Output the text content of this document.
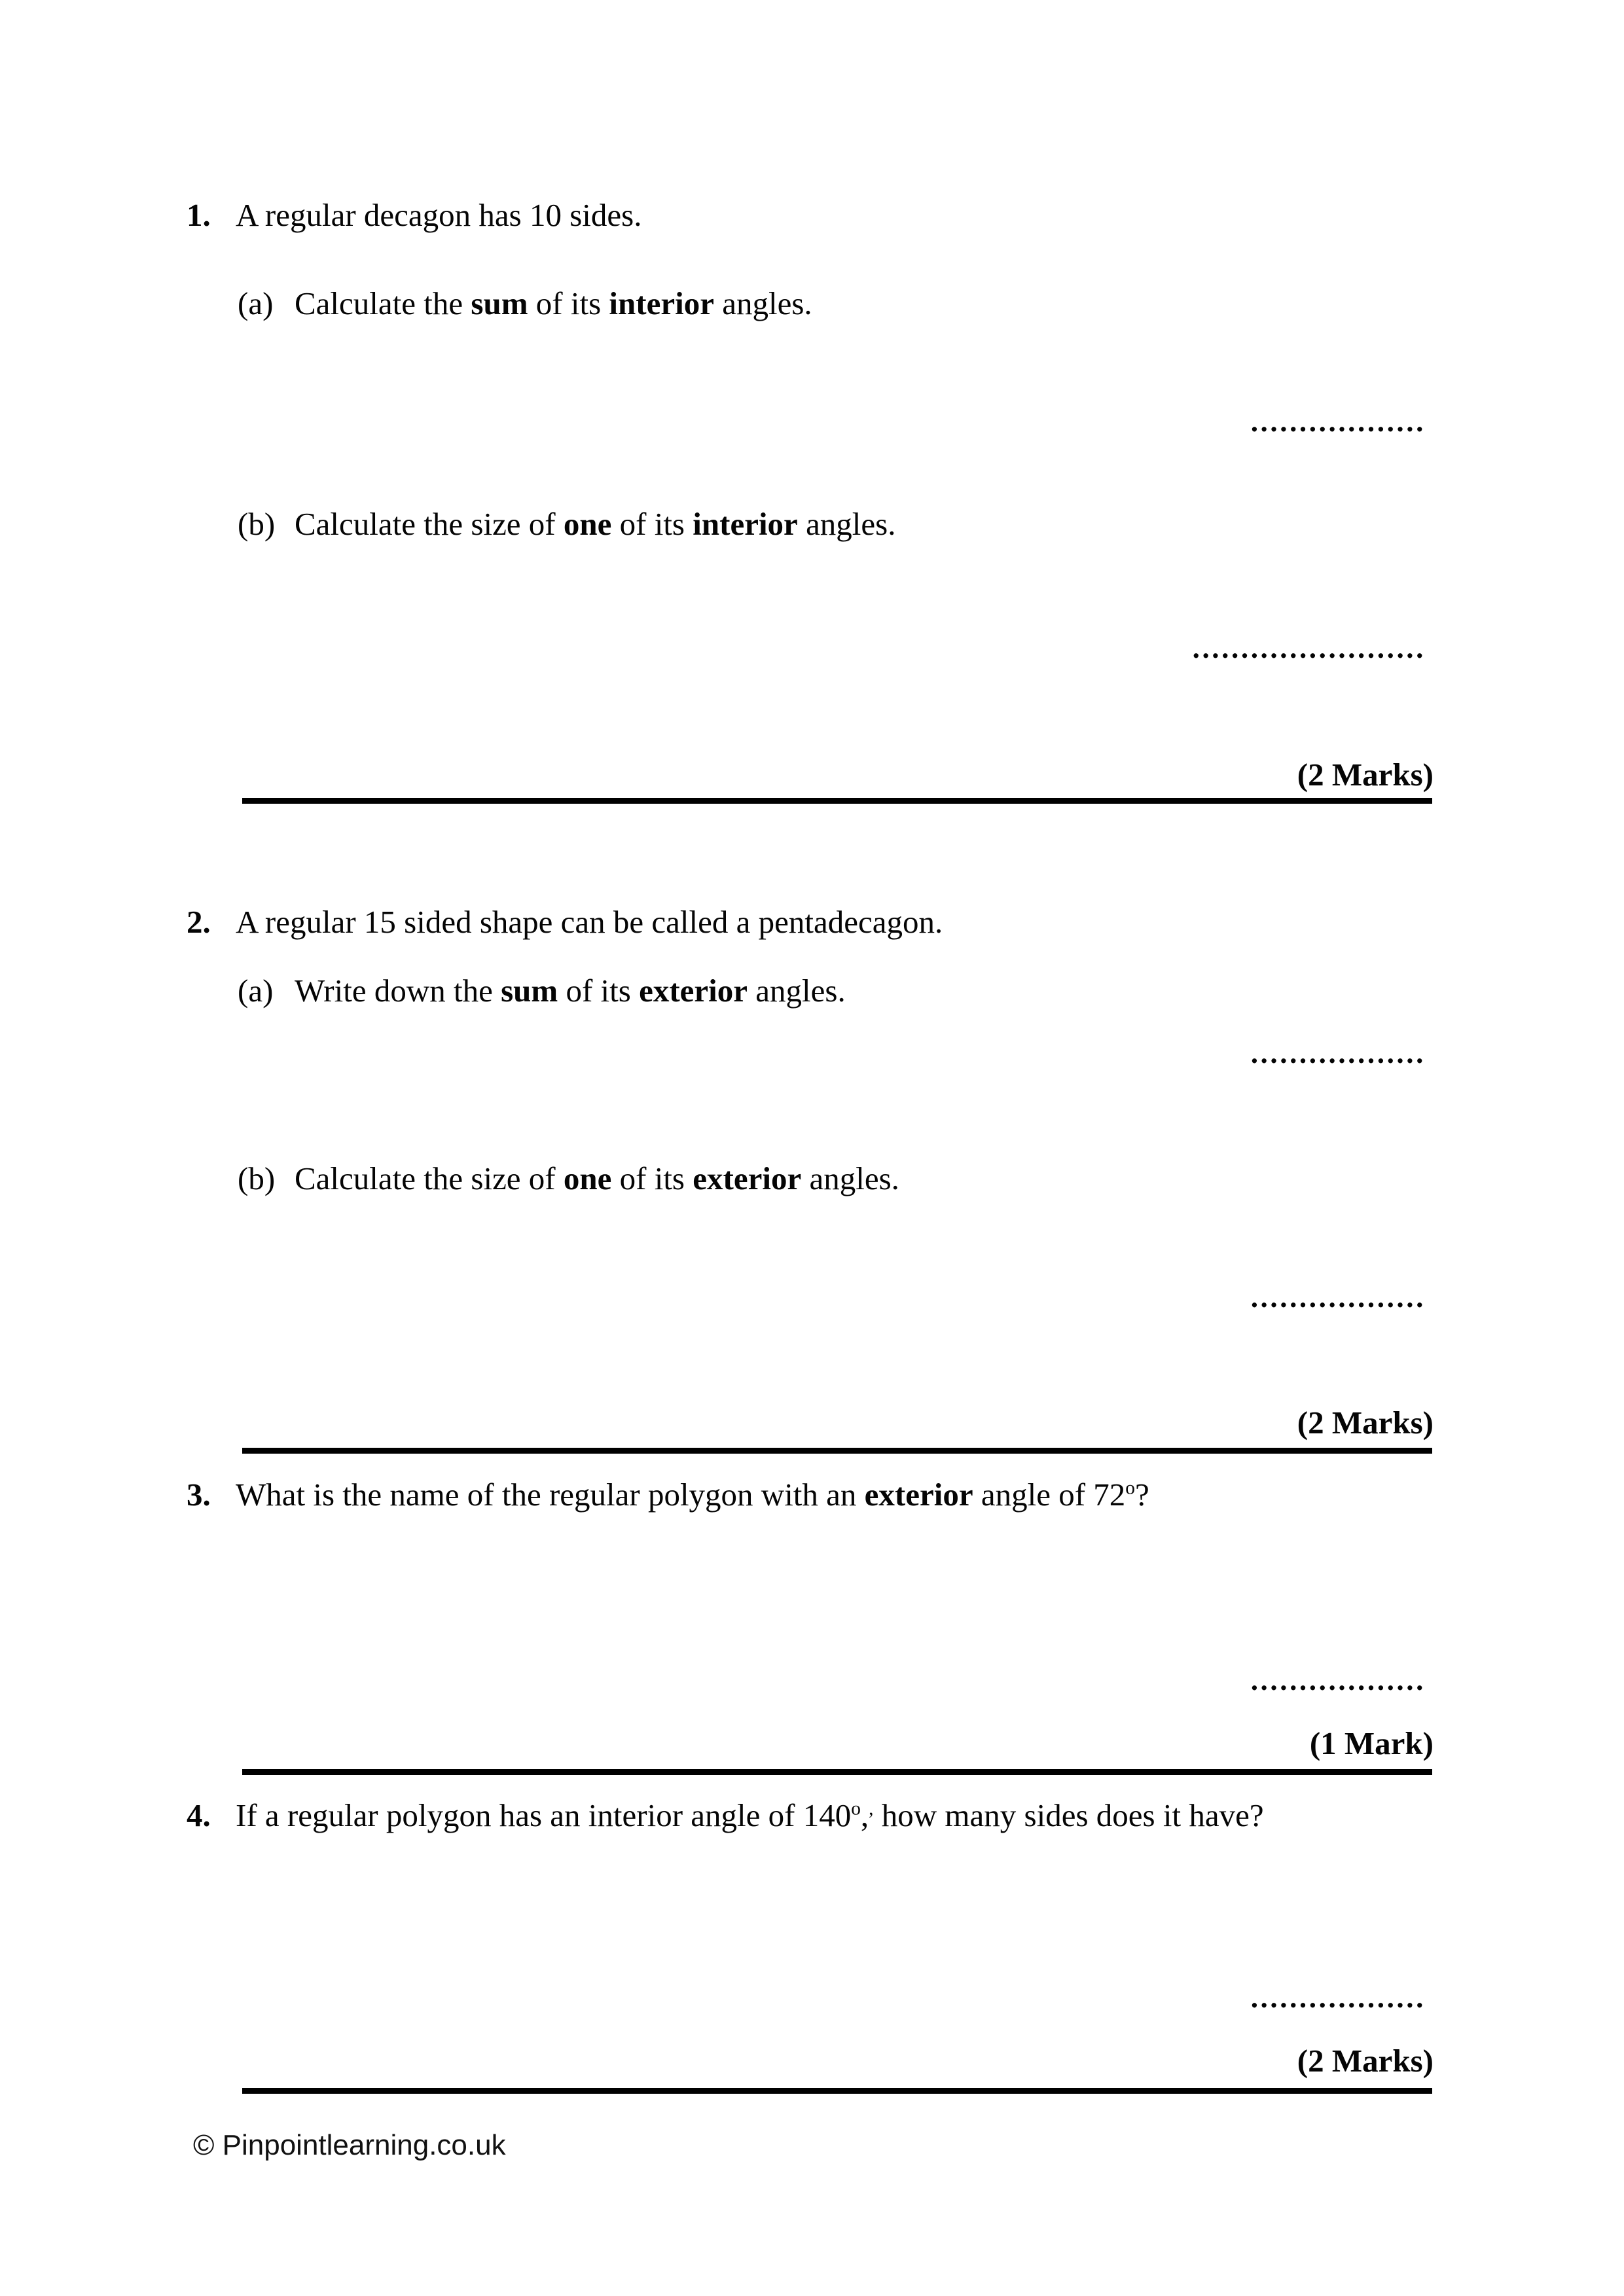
1. A regular decagon has 10 sides.
(a) Calculate the sum of its interior angles.
..................
(b) Calculate the size of one of its interior angles.
........................
(2 Marks)
2. A regular 15 sided shape can be called a pentadecagon.
(a) Write down the sum of its exterior angles.
..................
(b) Calculate the size of one of its exterior angles.
..................
(2 Marks)
3. What is the name of the regular polygon with an exterior angle of 72$^o$?
..................
(1 Mark)
4. If a regular polygon has an interior angle of 140$^o$,, how many sides does it have?
..................
(2 Marks)
© Pinpointlearning.co.uk
